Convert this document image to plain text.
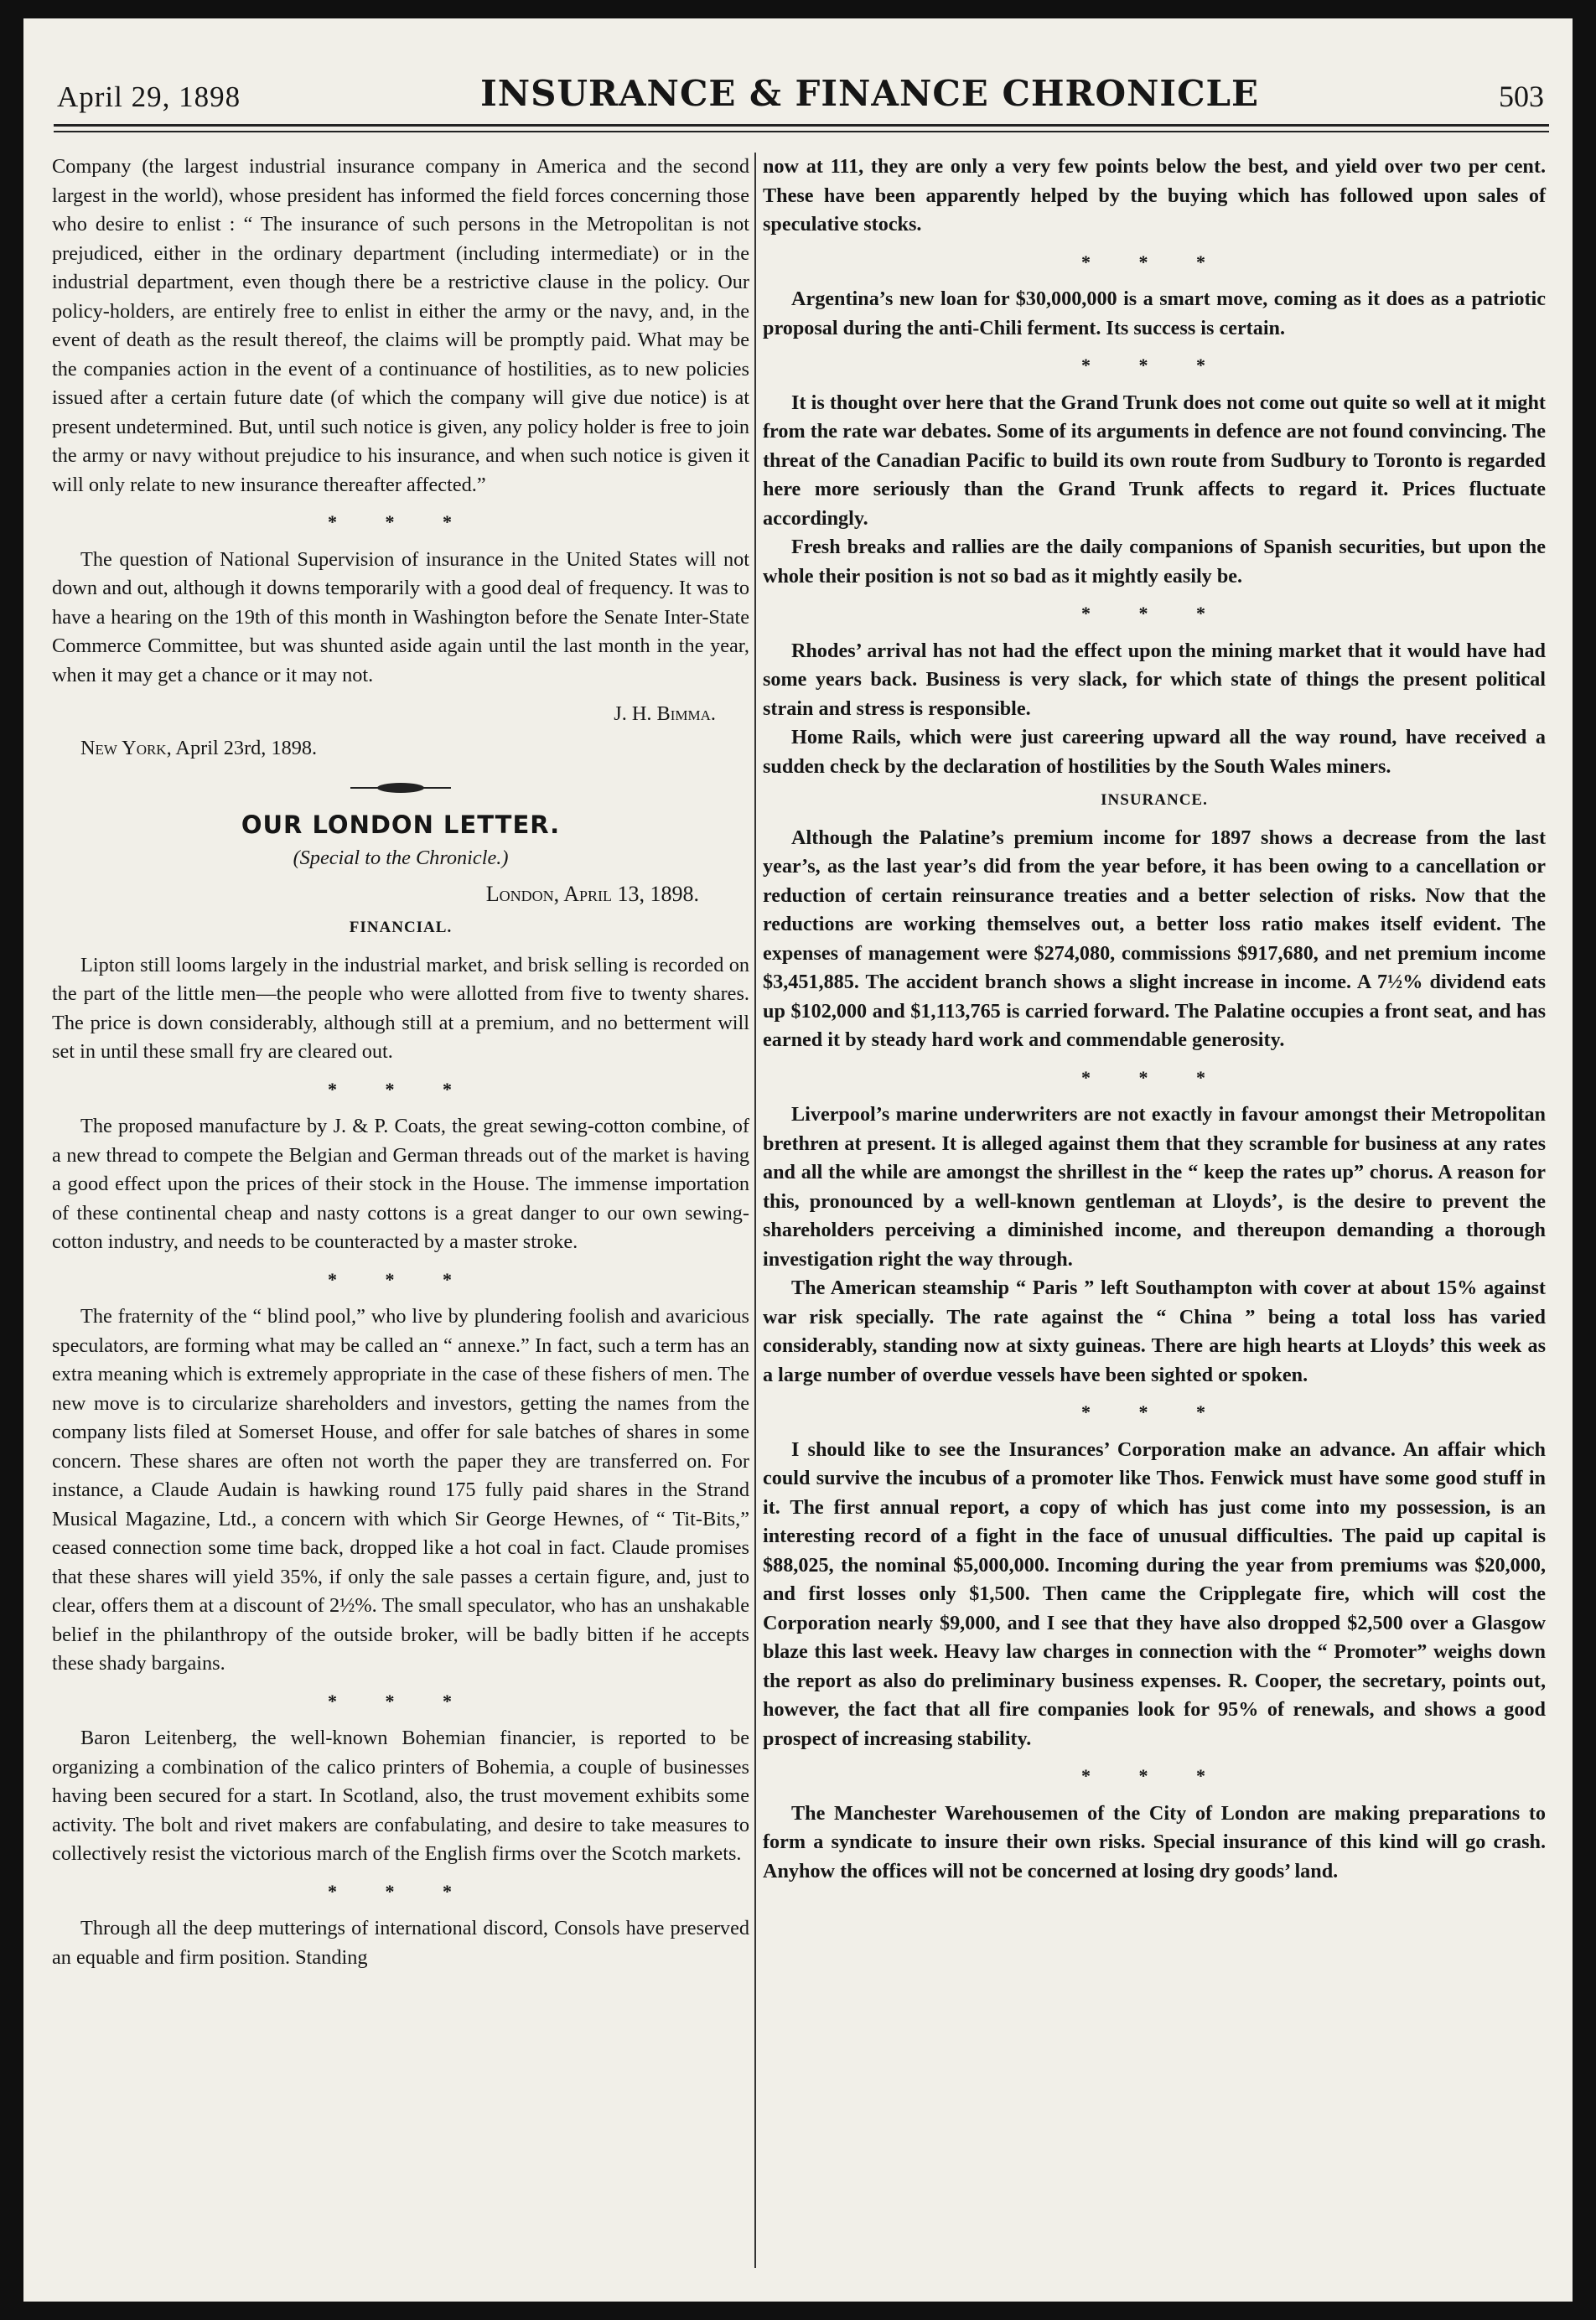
April 29, 1898	INSURANCE & FINANCE CHRONICLE	503

Company (the largest industrial insurance company in America and the second largest in the world), whose president has informed the field forces concerning those who desire to enlist : “ The insurance of such persons in the Metropolitan is not prejudiced, either in the ordinary department (including intermediate) or in the industrial department, even though there be a restrictive clause in the policy. Our policy-holders, are entirely free to enlist in either the army or the navy, and, in the event of death as the result thereof, the claims will be promptly paid. What may be the companies action in the event of a continuance of hostilities, as to new policies issued after a certain future date (of which the company will give due notice) is at present undetermined. But, until such notice is given, any policy holder is free to join the army or navy without prejudice to his insurance, and when such notice is given it will only relate to new insurance thereafter affected.”

* * *

The question of National Supervision of insurance in the United States will not down and out, although it downs temporarily with a good deal of frequency. It was to have a hearing on the 19th of this month in Washington before the Senate Inter-State Commerce Committee, but was shunted aside again until the last month in the year, when it may get a chance or it may not.

J. H. Bimma.
New York, April 23rd, 1898.
OUR LONDON LETTER.
(Special to the Chronicle.)
London, April 13, 1898.
FINANCIAL.

Lipton still looms largely in the industrial market, and brisk selling is recorded on the part of the little men—the people who were allotted from five to twenty shares. The price is down considerably, although still at a premium, and no betterment will set in until these small fry are cleared out.

* * *

The proposed manufacture by J. & P. Coats, the great sewing-cotton combine, of a new thread to compete the Belgian and German threads out of the market is having a good effect upon the prices of their stock in the House. The immense importation of these continental cheap and nasty cottons is a great danger to our own sewing-cotton industry, and needs to be counteracted by a master stroke.

* * *

The fraternity of the “ blind pool,” who live by plundering foolish and avaricious speculators, are forming what may be called an “ annexe.” In fact, such a term has an extra meaning which is extremely appropriate in the case of these fishers of men. The new move is to circularize shareholders and investors, getting the names from the company lists filed at Somerset House, and offer for sale batches of shares in some concern. These shares are often not worth the paper they are transferred on. For instance, a Claude Audain is hawking round 175 fully paid shares in the Strand Musical Magazine, Ltd., a concern with which Sir George Hewnes, of “ Tit-Bits,” ceased connection some time back, dropped like a hot coal in fact. Claude promises that these shares will yield 35%, if only the sale passes a certain figure, and, just to clear, offers them at a discount of 2½%. The small speculator, who has an unshakable belief in the philanthropy of the outside broker, will be badly bitten if he accepts these shady bargains.

* * *

Baron Leitenberg, the well-known Bohemian financier, is reported to be organizing a combination of the calico printers of Bohemia, a couple of businesses having been secured for a start. In Scotland, also, the trust movement exhibits some activity. The bolt and rivet makers are confabulating, and desire to take measures to collectively resist the victorious march of the English firms over the Scotch markets.

* * *

Through all the deep mutterings of international discord, Consols have preserved an equable and firm position. Standing

now at 111, they are only a very few points below the best, and yield over two per cent. These have been apparently helped by the buying which has followed upon sales of speculative stocks.

* * *

Argentina’s new loan for $30,000,000 is a smart move, coming as it does as a patriotic proposal during the anti-Chili ferment. Its success is certain.

* * *

It is thought over here that the Grand Trunk does not come out quite so well at it might from the rate war debates. Some of its arguments in defence are not found convincing. The threat of the Canadian Pacific to build its own route from Sudbury to Toronto is regarded here more seriously than the Grand Trunk affects to regard it. Prices fluctuate accordingly.

Fresh breaks and rallies are the daily companions of Spanish securities, but upon the whole their position is not so bad as it mightly easily be.

* * *

Rhodes’ arrival has not had the effect upon the mining market that it would have had some years back. Business is very slack, for which state of things the present political strain and stress is responsible.

Home Rails, which were just careering upward all the way round, have received a sudden check by the declaration of hostilities by the South Wales miners.

INSURANCE.

Although the Palatine’s premium income for 1897 shows a decrease from the last year’s, as the last year’s did from the year before, it has been owing to a cancellation or reduction of certain reinsurance treaties and a better selection of risks. Now that the reductions are working themselves out, a better loss ratio makes itself evident. The expenses of management were $274,080, commissions $917,680, and net premium income $3,451,885. The accident branch shows a slight increase in income. A 7½% dividend eats up $102,000 and $1,113,765 is carried forward. The Palatine occupies a front seat, and has earned it by steady hard work and commendable generosity.

* * *

Liverpool’s marine underwriters are not exactly in favour amongst their Metropolitan brethren at present. It is alleged against them that they scramble for business at any rates and all the while are amongst the shrillest in the “ keep the rates up” chorus. A reason for this, pronounced by a well-known gentleman at Lloyds’, is the desire to prevent the shareholders perceiving a diminished income, and thereupon demanding a thorough investigation right the way through.

The American steamship “ Paris ” left Southampton with cover at about 15% against war risk specially. The rate against the “ China ” being a total loss has varied considerably, standing now at sixty guineas. There are high hearts at Lloyds’ this week as a large number of overdue vessels have been sighted or spoken.

* * *

I should like to see the Insurances’ Corporation make an advance. An affair which could survive the incubus of a promoter like Thos. Fenwick must have some good stuff in it. The first annual report, a copy of which has just come into my possession, is an interesting record of a fight in the face of unusual difficulties. The paid up capital is $88,025, the nominal $5,000,000. Incoming during the year from premiums was $20,000, and first losses only $1,500. Then came the Cripplegate fire, which will cost the Corporation nearly $9,000, and I see that they have also dropped $2,500 over a Glasgow blaze this last week. Heavy law charges in connection with the “ Promoter” weighs down the report as also do preliminary business expenses. R. Cooper, the secretary, points out, however, the fact that all fire companies look for 95% of renewals, and shows a good prospect of increasing stability.

* * *

The Manchester Warehousemen of the City of London are making preparations to form a syndicate to insure their own risks. Special insurance of this kind will go crash. Anyhow the offices will not be concerned at losing dry goods’ land.
